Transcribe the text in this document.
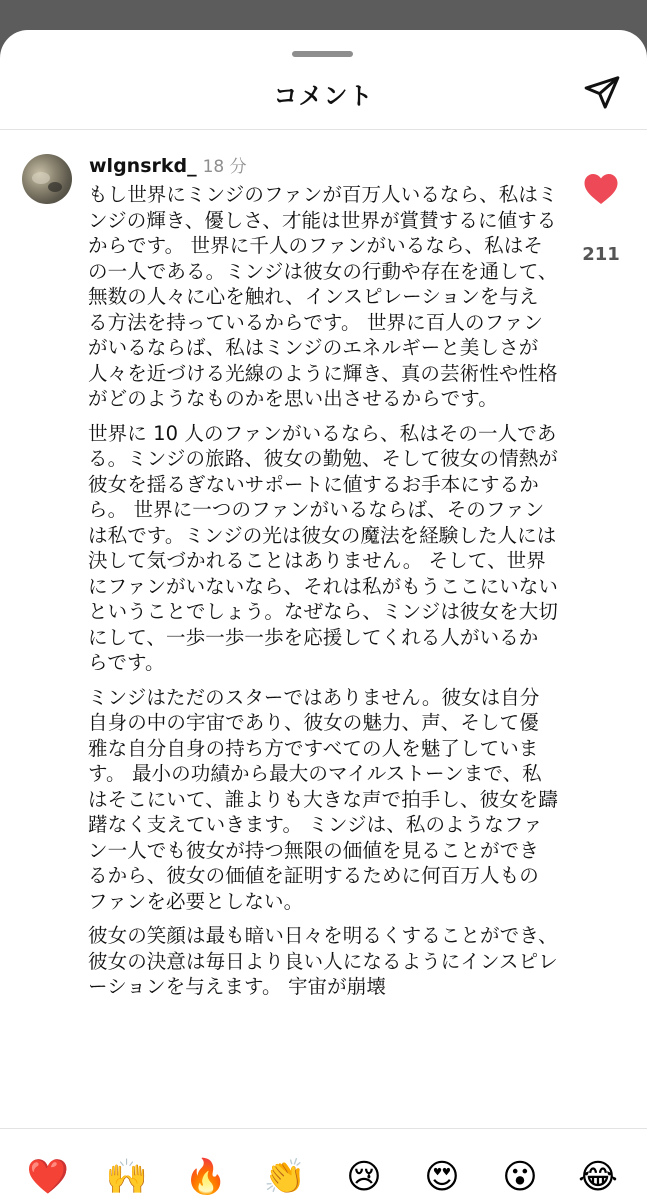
コメント
wlgnsrkd_ 18 分

もし世界にミンジのファンが百万人いるなら、私はミンジの輝き、優しさ、才能は世界が賞賛するに値するからです。 世界に千人のファンがいるなら、私はその一人である。ミンジは彼女の行動や存在を通して、無数の人々に心を触れ、インスピレーションを与える方法を持っているからです。 世界に百人のファンがいるならば、私はミンジのエネルギーと美しさが人々を近づける光線のように輝き、真の芸術性や性格がどのようなものかを思い出させるからです。

世界に 10 人のファンがいるなら、私はその一人である。ミンジの旅路、彼女の勤勉、そして彼女の情熱が彼女を揺るぎないサポートに値するお手本にするから。 世界に一つのファンがいるならば、そのファンは私です。ミンジの光は彼女の魔法を経験した人には決して気づかれることはありません。 そして、世界にファンがいないなら、それは私がもうここにいないということでしょう。なぜなら、ミンジは彼女を大切にして、一歩一歩一歩を応援してくれる人がいるからです。

ミンジはただのスターではありません。彼女は自分自身の中の宇宙であり、彼女の魅力、声、そして優雅な自分自身の持ち方ですべての人を魅了しています。 最小の功績から最大のマイルストーンまで、私はそこにいて、誰よりも大きな声で拍手し、彼女を躊躇なく支えていきます。 ミンジは、私のようなファン一人でも彼女が持つ無限の価値を見ることができるから、彼女の価値を証明するために何百万人ものファンを必要としない。

彼女の笑顔は最も暗い日々を明るくすることができ、彼女の決意は毎日より良い人になるようにインスピレーションを与えます。 宇宙が崩壊

211
❤️ 🙌 🔥 👏 😢 😍 😮 😂
